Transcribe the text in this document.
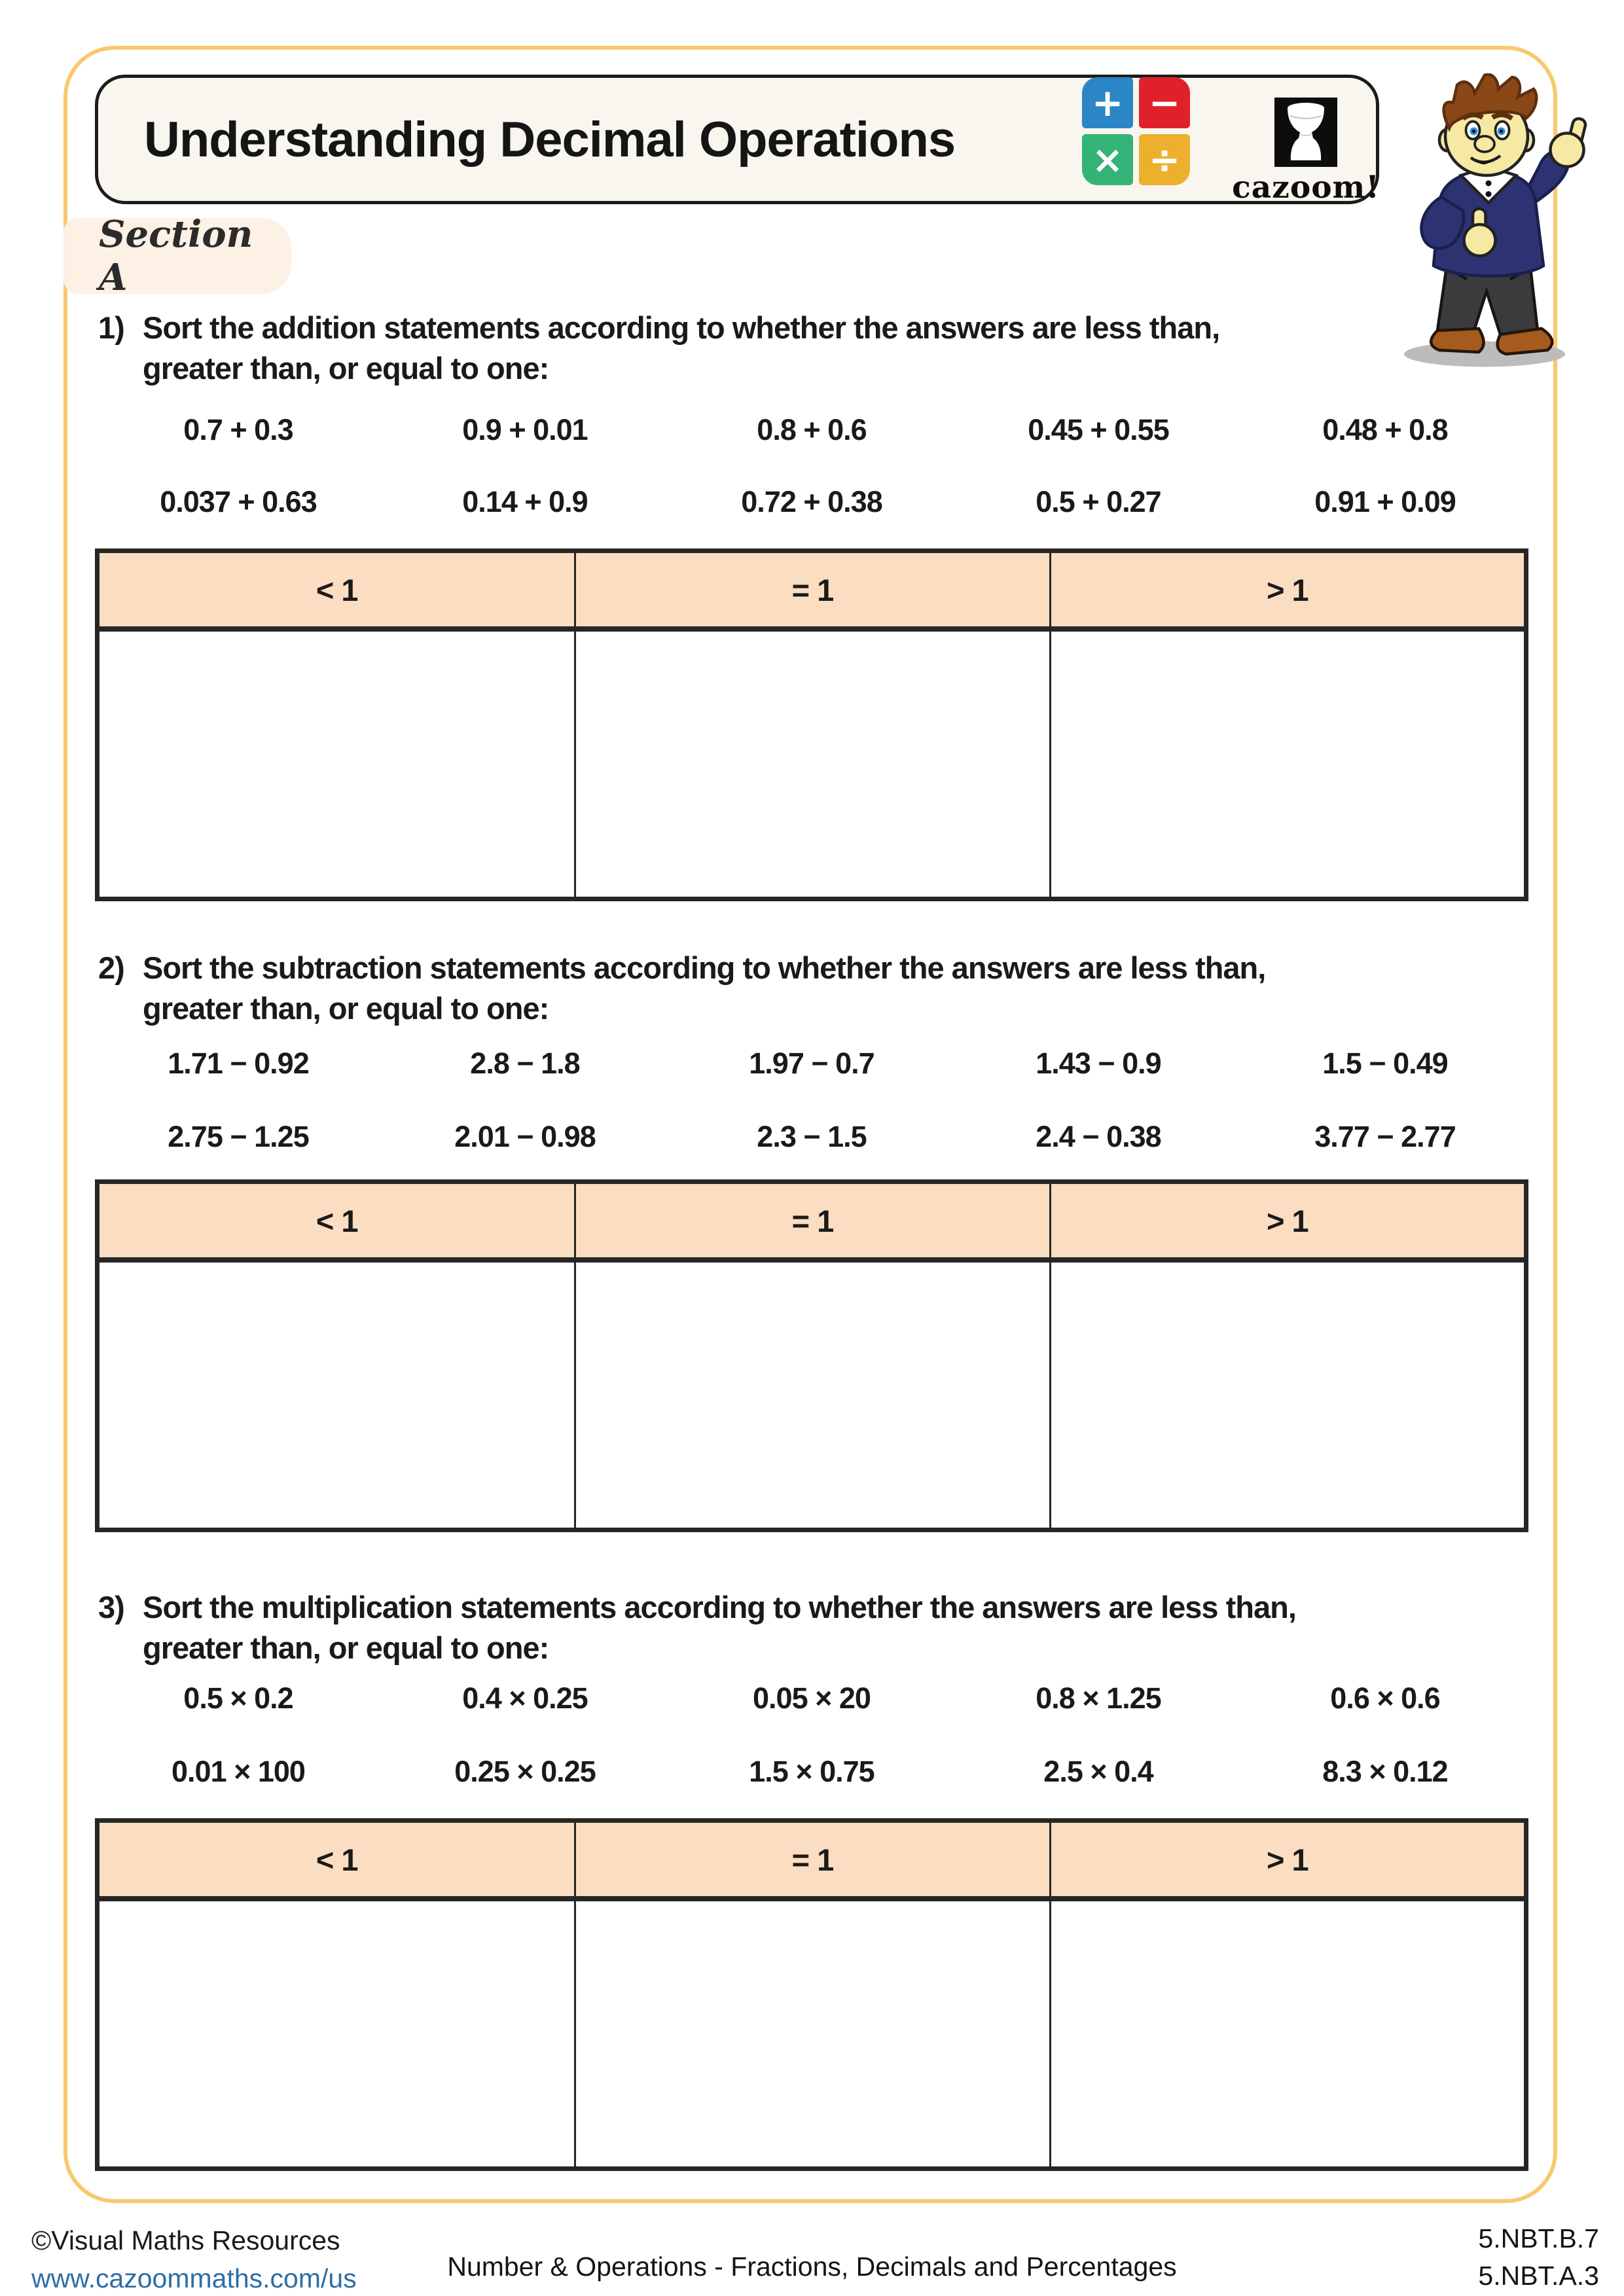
Understanding Decimal Operations
+ −
× ÷
cazoom!
Section A
1) Sort the addition statements according to whether the answers are less than,
greater than, or equal to one:
0.7 + 0.3	0.9 + 0.01	0.8 + 0.6	0.45 + 0.55	0.48 + 0.8
0.037 + 0.63	0.14 + 0.9	0.72 + 0.38	0.5 + 0.27	0.91 + 0.09
< 1	= 1	> 1
2) Sort the subtraction statements according to whether the answers are less than,
greater than, or equal to one:
1.71 − 0.92	2.8 − 1.8	1.97 − 0.7	1.43 − 0.9	1.5 − 0.49
2.75 − 1.25	2.01 − 0.98	2.3 − 1.5	2.4 − 0.38	3.77 − 2.77
< 1	= 1	> 1
3) Sort the multiplication statements according to whether the answers are less than,
greater than, or equal to one:
0.5 × 0.2	0.4 × 0.25	0.05 × 20	0.8 × 1.25	0.6 × 0.6
0.01 × 100	0.25 × 0.25	1.5 × 0.75	2.5 × 0.4	8.3 × 0.12
< 1	= 1	> 1
©Visual Maths Resources
www.cazoommaths.com/us	Number & Operations - Fractions, Decimals and Percentages
5.NBT.B.7
5.NBT.A.3
